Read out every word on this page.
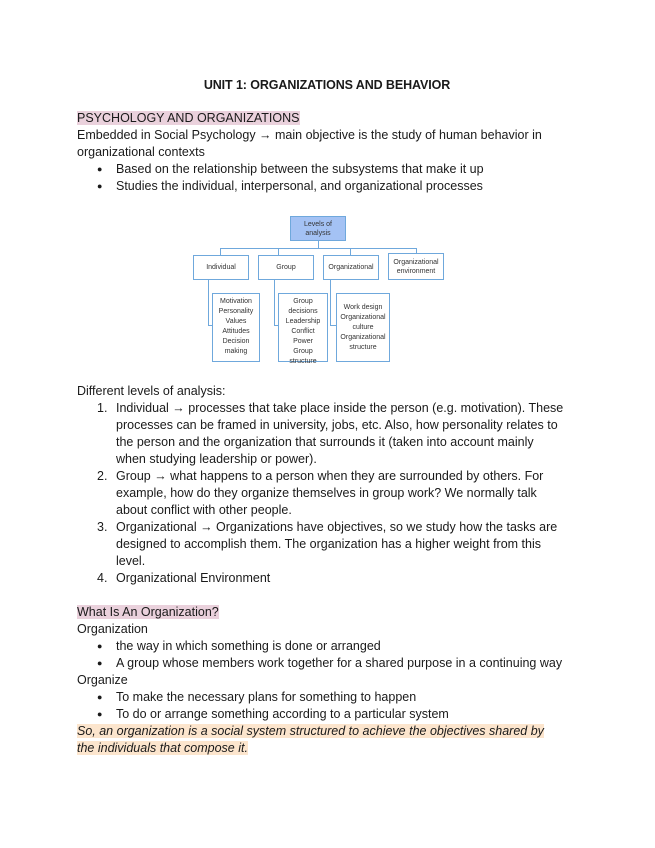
UNIT 1: ORGANIZATIONS AND BEHAVIOR
PSYCHOLOGY AND ORGANIZATIONS
Embedded in Social Psychology → main objective is the study of human behavior in
organizational contexts
● Based on the relationship between the subsystems that make it up
● Studies the individual, interpersonal, and organizational processes
Levels of analysis
Individual	Group	Organizational
Organizational environment
Motivation
Personality
Values
Attitudes
Decision
making
Group
decisions
Leadership
Conflict
Power
Group structure
Work design
Organizational
culture
Organizational
structure
Different levels of analysis:
1. Individual → processes that take place inside the person (e.g. motivation). These
processes can be framed in university, jobs, etc. Also, how personality relates to
the person and the organization that surrounds it (taken into account mainly
when studying leadership or power).
2. Group → what happens to a person when they are surrounded by others. For
example, how do they organize themselves in group work? We normally talk
about conflict with other people.
3. Organizational → Organizations have objectives, so we study how the tasks are
designed to accomplish them. The organization has a higher weight from this
level.
4. Organizational Environment
What Is An Organization?
Organization
● the way in which something is done or arranged
● A group whose members work together for a shared purpose in a continuing way
Organize
● To make the necessary plans for something to happen
● To do or arrange something according to a particular system
So, an organization is a social system structured to achieve the objectives shared by
the individuals that compose it.
